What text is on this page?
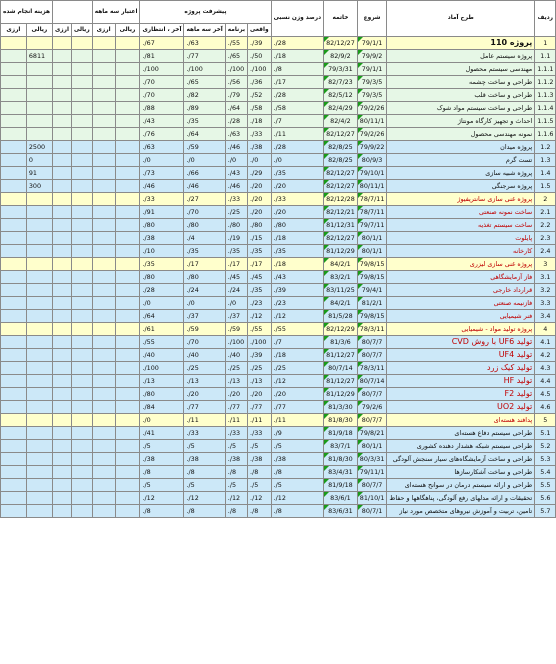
ردیف	طرح آماد	شروع	خاتمه	درصد وزن نسبی	پیشرفت پروژه				اعتبار سه ماهه				هزینه انجام شده	
					واقعی	برنامه	آخر سه ماهه	آخر ، انتظاری	ریالی	ارزی	ریالی	ارزی	ریالی	ارزی
1	پروژه 110	79/1/1	82/12/27	28/.	39/.	55/.	63/.	67/.						
1.1	پروژه سیستم عامل	79/9/2	82/9/2	18/.	50/.	65/.	77/.	81/.					6811	
1.1.1	مهندسی سیستم محصول	79/1/1	79/3/31	8/.	100/.	100/.	100/.	100/.						
1.1.2	طراحی و ساخت چشمه	79/3/5	82/7/23	17/.	36/.	56/.	65/.	70/.						
1.1.3	طراحی و ساخت قلب	79/3/5	82/5/12	28/.	52/.	79/.	82/.	70/.						
1.1.4	طراحی و ساخت سیستم مواد شوک	79/2/26	82/4/29	58/.	58/.	64/.	89/.	88/.						
1.1.5	احداث و تجهیز کارگاه مونتاژ	80/11/1	82/4/2	7/.	18/.	28/.	35/.	43/.						
1.1.6	نمونه مهندسی محصول	79/2/26	82/12/27	11/.	33/.	63/.	64/.	76/.						
1.2	پروژه میدان	79/9/22	82/8/25	28/.	38/.	46/.	59/.	63/.					2500	
1.3	تست گرم	80/9/3	82/8/25	0/.	0/.	0/.	0/.	0/.					0	
1.4	پروژه شبیه سازی	79/10/1	82/12/27	35/.	29/.	43/.	66/.	73/.					91	
1.5	پروژه سرجنگی	80/11/1	82/12/27	20/.	20/.	46/.	46/.	46/.					300	
2	پروژه غنی سازی سانتریفیوژ	78/7/11	82/12/28	33/.	20/.	33/.	27/.	33/.						
2.1	ساخت نمونه صنعتی	78/7/11	82/12/21	20/.	20/.	25/.	70/.	91/.						
2.2	ساخت سیستم تغذیه	79/7/11	81/12/31	80/.	80/.	80/.	80/.	80/.						
2.3	پایلوت	80/1/1	82/12/27	18/.	15/.	19/.	4/.	38/.						
2.4	کارخانه	80/1/1	81/12/29	35/.	35/.	35/.	35/.	10/.						
3	پروژه غنی سازی لیزری	79/8/15	84/2/1	18/.	17/.	17/.	17/.	35/.						
3.1	فاز آزمایشگاهی	79/8/15	83/2/1	43/.	45/.	45/.	80/.	80/.						
3.2	قرارداد خارجی	79/4/1	83/11/25	39/.	35/.	24/.	24/.	28/.						
3.3	فازنیمه صنعتی	81/2/1	84/2/1	23/.	23/.	0/.	0/.	0/.						
3.4	فنر شیمیایی	79/8/15	81/5/28	12/.	12/.	37/.	37/.	64/.						
4	پروژه تولید مواد - شیمیایی	78/3/11	82/12/29	55/.	55/.	59/.	59/.	61/.						
4.1	تولید UF6 با روش CVD	80/7/7	81/3/6	7/.	100/.	100/.	70/.	55/.						
4.2	تولید UF4	80/7/7	81/12/27	18/.	39/.	40/.	40/.	40/.						
4.3	تولید کیک زرد	78/3/11	80/7/14	25/.	25/.	25/.	25/.	100/.						
4.4	تولید HF	80/7/14	81/12/27	12/.	13/.	13/.	13/.	13/.						
4.5	تولید F2	80/7/7	81/12/29	20/.	20/.	20/.	20/.	80/.						
4.6	تولید UO2	79/2/6	81/3/30	77/.	77/.	77/.	77/.	84/.						
5	پدافند هسته‌ای	80/7/7	81/8/30	11/.	11/.	11/.	11/.	0/.						
5.1	طراحی سیستم دفاع هسته‌ای	79/8/21	81/9/18	9/.	33/.	33/.	33/.	41/.						
5.2	طراحی سیستم شبکه هشدار دهنده کشوری	80/1/1	83/7/1	5/.	5/.	5/.	5/.	5/.						
5.3	طراحی و ساخت آزمایشگاه‌های سیار سنجش آلودگی	80/3/31	81/8/30	38/.	38/.	38/.	38/.	38/.						
5.4	طراحی و ساخت آشکارسازها	79/11/1	83/4/31	8/.	8/.	8/.	8/.	8/.						
5.5	طراحی و ارائه سیستم درمان در سوانح هسته‌ای	80/7/7	81/9/18	5/.	5/.	5/.	5/.	5/.						
5.6	تحقیقات و ارائه مدلهای رفع آلودگی، پناهگاهها و حفاظ	81/10/1	83/6/1	12/.	12/.	12/.	12/.	12/.						
5.7	تامین، تربیت و آموزش نیروهای متخصص مورد نیاز	80/7/1	83/6/31	8/.	8/.	8/.	8/.	8/.						
